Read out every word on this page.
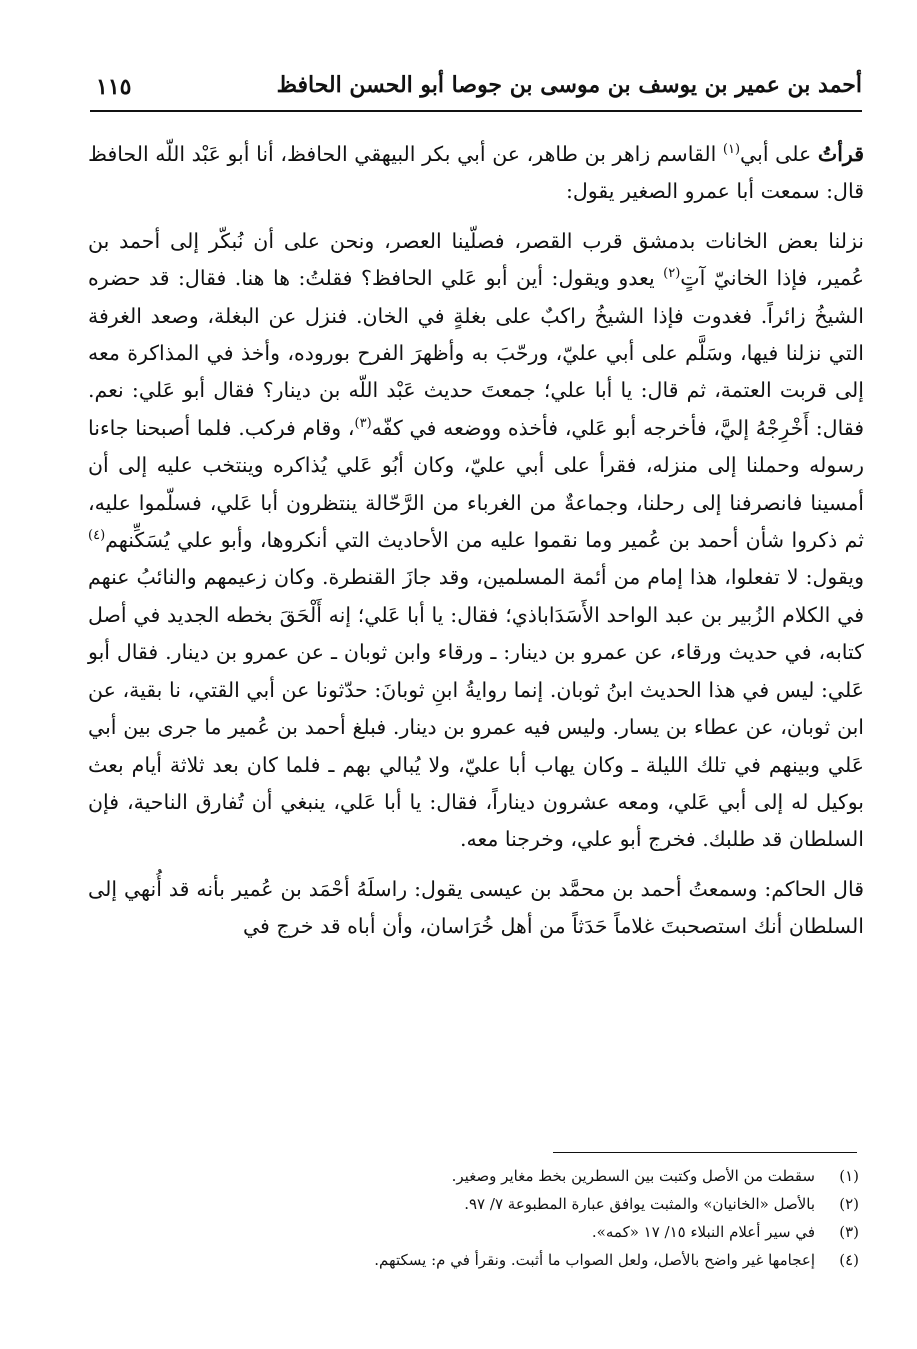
أحمد بن عمير بن يوسف بن موسى بن جوصا أبو الحسن الحافظ
١١٥

قرأتُ على أبي$^{(١)}$ القاسم زاهر بن طاهر، عن أبي بكر البيهقي الحافظ، أنا أبو عَبْد اللّه الحافظ قال: سمعت أبا عمرو الصغير يقول:

نزلنا بعض الخانات بدمشق قرب القصر، فصلّينا العصر، ونحن على أن نُبكّر إلى أحمد بن عُمير، فإذا الخانيّ آتٍ$^{(٢)}$ يعدو ويقول: أين أبو عَلي الحافظ؟ فقلتُ: ها هنا. فقال: قد حضره الشيخُ زائراً. فغدوت فإذا الشيخُ راكبٌ على بغلةٍ في الخان. فنزل عن البغلة، وصعد الغرفة التي نزلنا فيها، وسَلَّم على أبي عليّ، ورحّبَ به وأظهرَ الفرح بوروده، وأخذ في المذاكرة معه إلى قربت العتمة، ثم قال: يا أبا علي؛ جمعتَ حديث عَبْد اللّه بن دينار؟ فقال أبو عَلي: نعم. فقال: أَخْرِجْهُ إليَّ، فأخرجه أبو عَلي، فأخذه ووضعه في كفّه$^{(٣)}$، وقام فركب. فلما أصبحنا جاءنا رسوله وحملنا إلى منزله، فقرأ على أبي عليّ، وكان أبُو عَلي يُذاكره وينتخب عليه إلى أن أمسينا فانصرفنا إلى رحلنا، وجماعةٌ من الغرباء من الرَّحّالة ينتظرون أبا عَلي، فسلّموا عليه، ثم ذكروا شأن أحمد بن عُمير وما نقموا عليه من الأحاديث التي أنكروها، وأبو علي يُسَكِّنهم$^{(٤)}$ ويقول: لا تفعلوا، هذا إمام من أئمة المسلمين، وقد جازَ القنطرة. وكان زعيمهم والنائبُ عنهم في الكلام الزُبير بن عبد الواحد الأَسَدَاباذي؛ فقال: يا أبا عَلي؛ إنه أَلْحَقَ بخطه الجديد في أصل كتابه، في حديث ورقاء، عن عمرو بن دينار: ـ ورقاء وابن ثوبان ـ عن عمرو بن دينار. فقال أبو عَلي: ليس في هذا الحديث ابنُ ثوبان. إنما روايةُ ابنِ ثوبانَ: حدّثونا عن أبي القتي، نا بقية، عن ابن ثوبان، عن عطاء بن يسار. وليس فيه عمرو بن دينار. فبلغ أحمد بن عُمير ما جرى بين أبي عَلي وبينهم في تلك الليلة ـ وكان يهاب أبا عليّ، ولا يُبالي بهم ـ فلما كان بعد ثلاثة أيام بعث بوكيل له إلى أبي عَلي، ومعه عشرون ديناراً، فقال: يا أبا عَلي، ينبغي أن تُفارق الناحية، فإن السلطان قد طلبك. فخرج أبو علي، وخرجنا معه.

قال الحاكم: وسمعتُ أحمد بن محمَّد بن عيسى يقول: راسلَهُ أحْمَد بن عُمير بأنه قد أُنهي إلى السلطان أنك استصحبتَ غلاماً حَدَثاً من أهل خُرَاسان، وأن أباه قد خرج في

(١)
سقطت من الأصل وكتبت بين السطرين بخط مغاير وصغير.
(٢)
بالأصل «الخانيان» والمثبت يوافق عبارة المطبوعة ٧/ ٩٧.
(٣)
في سير أعلام النبلاء ١٥/ ١٧ «كمه».
(٤)
إعجامها غير واضح بالأصل، ولعل الصواب ما أثبت. ونقرأ في م: يسكتهم.
